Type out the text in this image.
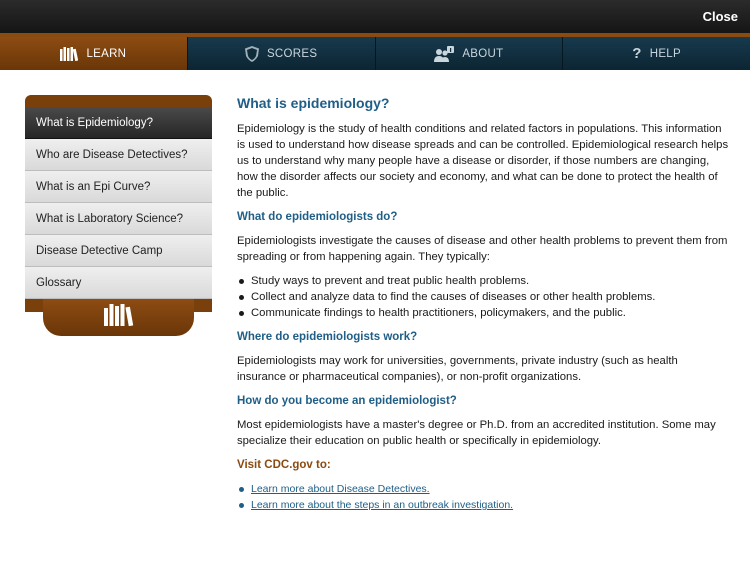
Close
LEARN	SCORES	ABOUT	? HELP
What is Epidemiology?
Who are Disease Detectives?
What is an Epi Curve?
What is Laboratory Science?
Disease Detective Camp
Glossary
What is epidemiology?

Epidemiology is the study of health conditions and related factors in populations. This information is used to understand how disease spreads and can be controlled. Epidemiological research helps us to understand why many people have a disease or disorder, if those numbers are changing, how the disorder affects our society and economy, and what can be done to protect the health of the public.

What do epidemiologists do?

Epidemiologists investigate the causes of disease and other health problems to prevent them from spreading or from happening again. They typically:

Study ways to prevent and treat public health problems.
Collect and analyze data to find the causes of diseases or other health problems.
Communicate findings to health practitioners, policymakers, and the public.
Where do epidemiologists work?

Epidemiologists may work for universities, governments, private industry (such as health insurance or pharmaceutical companies), or non-profit organizations.

How do you become an epidemiologist?

Most epidemiologists have a master's degree or Ph.D. from an accredited institution. Some may specialize their education on public health or specifically in epidemiology.

Visit CDC.gov to:
Learn more about Disease Detectives.
Learn more about the steps in an outbreak investigation.
